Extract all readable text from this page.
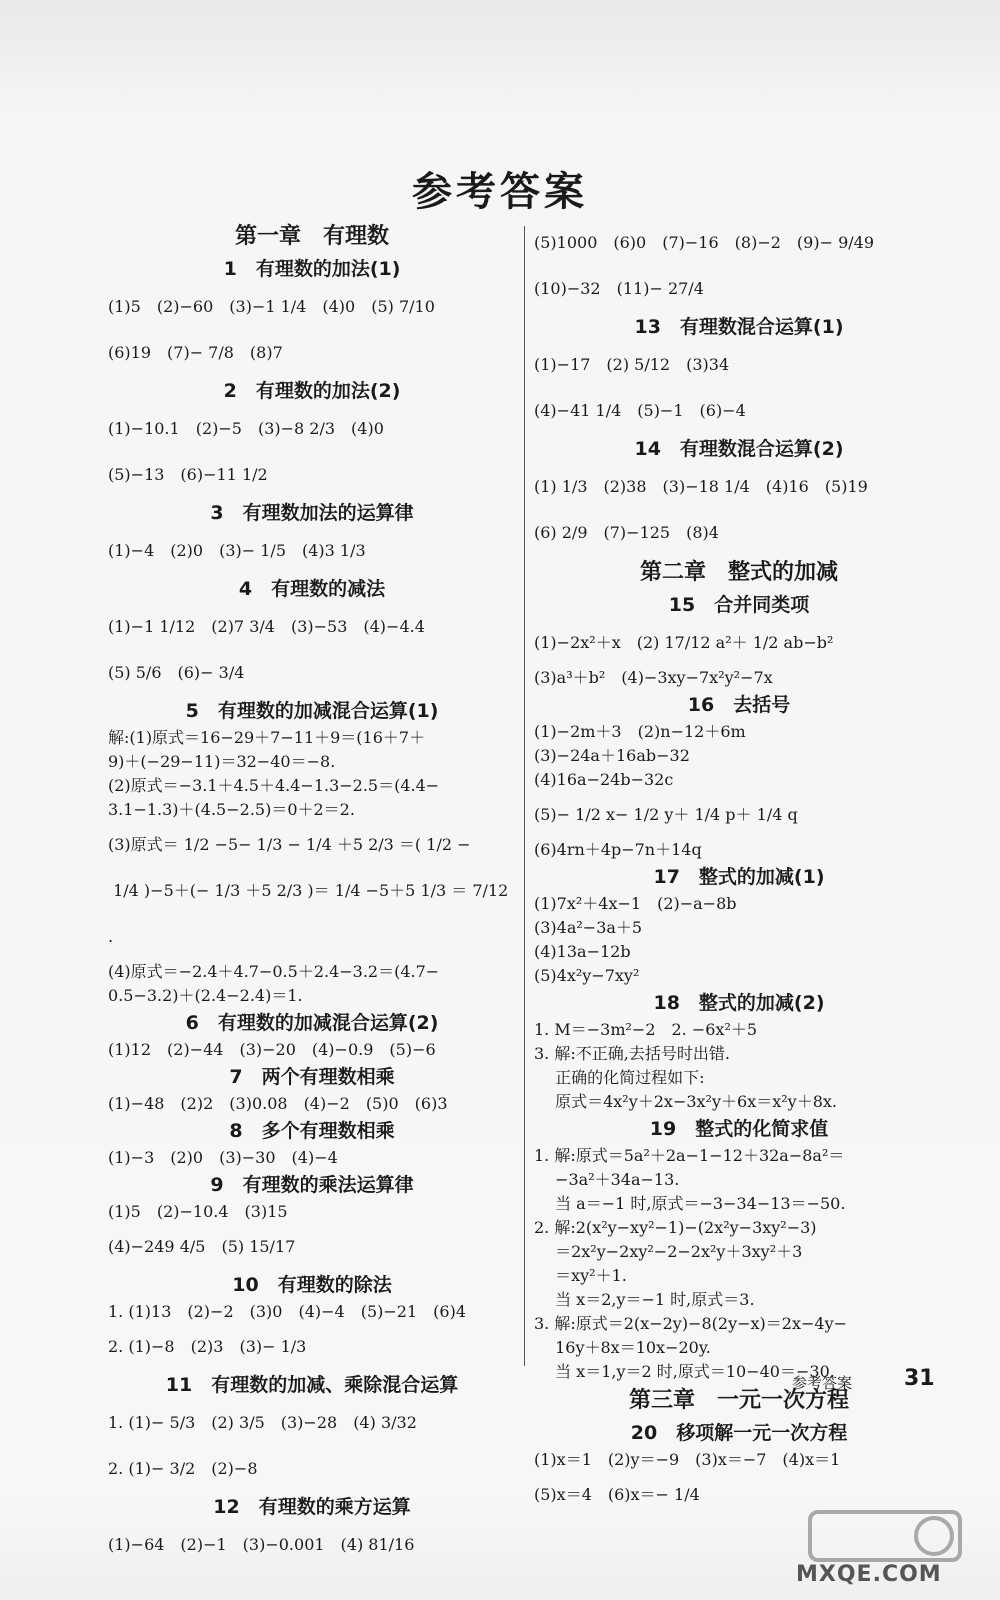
参考答案
第一章　有理数
1　有理数的加法(1)
(1)5　(2)−60　(3)−1 1/4　(4)0　(5) 7/10
(6)19　(7)− 7/8　(8)7
2　有理数的加法(2)
(1)−10.1　(2)−5　(3)−8 2/3　(4)0
(5)−13　(6)−11 1/2
3　有理数加法的运算律
(1)−4　(2)0　(3)− 1/5　(4)3 1/3
4　有理数的减法
(1)−1 1/12　(2)7 3/4　(3)−53　(4)−4.4
(5) 5/6　(6)− 3/4
5　有理数的加减混合运算(1)
解:(1)原式＝16−29＋7−11＋9＝(16＋7＋
9)＋(−29−11)＝32−40＝−8.
(2)原式＝−3.1＋4.5＋4.4−1.3−2.5＝(4.4−
3.1−1.3)＋(4.5−2.5)＝0＋2＝2.
(3)原式＝ 1/2 −5− 1/3 − 1/4 ＋5 2/3 ＝( 1/2 −
1/4 )−5＋(− 1/3 ＋5 2/3 )＝ 1/4 −5＋5 1/3 ＝ 7/12 .
(4)原式＝−2.4＋4.7−0.5＋2.4−3.2＝(4.7−
0.5−3.2)＋(2.4−2.4)＝1.
6　有理数的加减混合运算(2)
(1)12　(2)−44　(3)−20　(4)−0.9　(5)−6
7　两个有理数相乘
(1)−48　(2)2　(3)0.08　(4)−2　(5)0　(6)3
8　多个有理数相乘
(1)−3　(2)0　(3)−30　(4)−4
9　有理数的乘法运算律
(1)5　(2)−10.4　(3)15
(4)−249 4/5　(5) 15/17
10　有理数的除法
1. (1)13　(2)−2　(3)0　(4)−4　(5)−21　(6)4
2. (1)−8　(2)3　(3)− 1/3
11　有理数的加减、乘除混合运算
1. (1)− 5/3　(2) 3/5　(3)−28　(4) 3/32
2. (1)− 3/2　(2)−8
12　有理数的乘方运算
(1)−64　(2)−1　(3)−0.001　(4) 81/16
(5)1000　(6)0　(7)−16　(8)−2　(9)− 9/49
(10)−32　(11)− 27/4
13　有理数混合运算(1)
(1)−17　(2) 5/12　(3)34
(4)−41 1/4　(5)−1　(6)−4
14　有理数混合运算(2)
(1) 1/3　(2)38　(3)−18 1/4　(4)16　(5)19
(6) 2/9　(7)−125　(8)4
第二章　整式的加减
15　合并同类项
(1)−2x²＋x　(2) 17/12 a²＋ 1/2 ab−b²
(3)a³＋b²　(4)−3xy−7x²y²−7x
16　去括号
(1)−2m＋3　(2)n−12＋6m
(3)−24a＋16ab−32
(4)16a−24b−32c
(5)− 1/2 x− 1/2 y＋ 1/4 p＋ 1/4 q
(6)4rn＋4p−7n＋14q
17　整式的加减(1)
(1)7x²＋4x−1　(2)−a−8b
(3)4a²−3a＋5
(4)13a−12b
(5)4x²y−7xy²
18　整式的加减(2)
1. M＝−3m²−2　2. −6x²＋5
3. 解:不正确,去括号时出错.
　 正确的化简过程如下:
　 原式＝4x²y＋2x−3x²y＋6x＝x²y＋8x.
19　整式的化简求值
1. 解:原式＝5a²＋2a−1−12＋32a−8a²＝
　 −3a²＋34a−13.
　 当 a＝−1 时,原式＝−3−34−13＝−50.
2. 解:2(x²y−xy²−1)−(2x²y−3xy²−3)
　 ＝2x²y−2xy²−2−2x²y＋3xy²＋3
　 ＝xy²＋1.
　 当 x＝2,y＝−1 时,原式＝3.
3. 解:原式＝2(x−2y)−8(2y−x)＝2x−4y−
　 16y＋8x＝10x−20y.
　 当 x＝1,y＝2 时,原式＝10−40＝−30.
第三章　一元一次方程
20　移项解一元一次方程
(1)x＝1　(2)y＝−9　(3)x＝−7　(4)x＝1
(5)x＝4　(6)x＝− 1/4
参考答案 31
MXQE.COM
